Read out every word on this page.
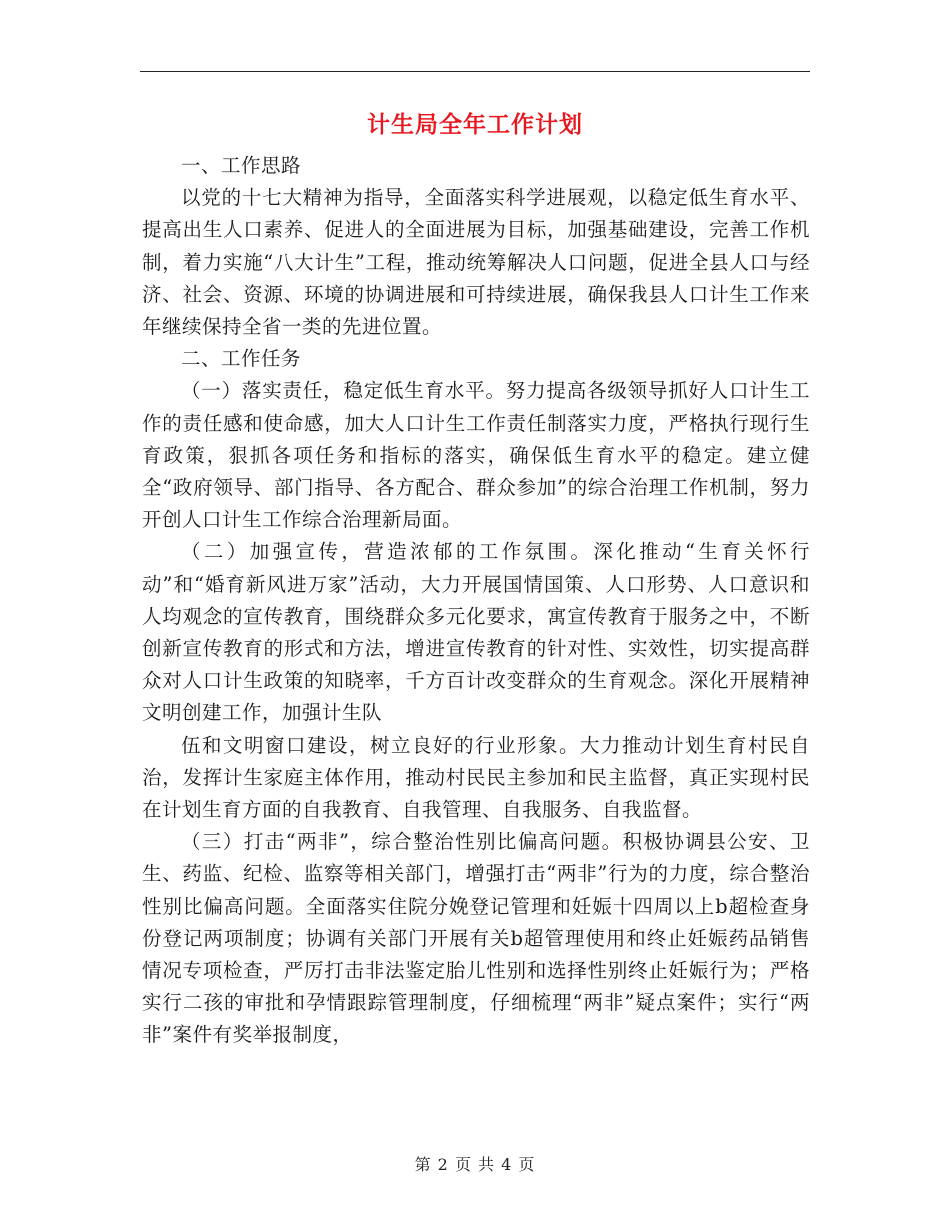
计生局全年工作计划

一、工作思路

以党的十七大精神为指导，全面落实科学进展观，以稳定低生育水平、提高出生人口素养、促进人的全面进展为目标，加强基础建设，完善工作机制，着力实施“八大计生”工程，推动统筹解决人口问题，促进全县人口与经济、社会、资源、环境的协调进展和可持续进展，确保我县人口计生工作来年继续保持全省一类的先进位置。

二、工作任务

（一）落实责任，稳定低生育水平。努力提高各级领导抓好人口计生工作的责任感和使命感，加大人口计生工作责任制落实力度，严格执行现行生育政策，狠抓各项任务和指标的落实，确保低生育水平的稳定。建立健全“政府领导、部门指导、各方配合、群众参加”的综合治理工作机制，努力开创人口计生工作综合治理新局面。

（二）加强宣传，营造浓郁的工作氛围。深化推动“生育关怀行动”和“婚育新风进万家”活动，大力开展国情国策、人口形势、人口意识和人均观念的宣传教育，围绕群众多元化要求，寓宣传教育于服务之中，不断创新宣传教育的形式和方法，增进宣传教育的针对性、实效性，切实提高群众对人口计生政策的知晓率，千方百计改变群众的生育观念。深化开展精神文明创建工作，加强计生队

伍和文明窗口建设，树立良好的行业形象。大力推动计划生育村民自治，发挥计生家庭主体作用，推动村民民主参加和民主监督，真正实现村民在计划生育方面的自我教育、自我管理、自我服务、自我监督。

（三）打击“两非”，综合整治性别比偏高问题。积极协调县公安、卫生、药监、纪检、监察等相关部门，增强打击“两非”行为的力度，综合整治性别比偏高问题。全面落实住院分娩登记管理和妊娠十四周以上b超检查身份登记两项制度；协调有关部门开展有关b超管理使用和终止妊娠药品销售情况专项检查，严厉打击非法鉴定胎儿性别和选择性别终止妊娠行为；严格实行二孩的审批和孕情跟踪管理制度，仔细梳理“两非”疑点案件；实行“两非”案件有奖举报制度，

第 2 页 共 4 页
